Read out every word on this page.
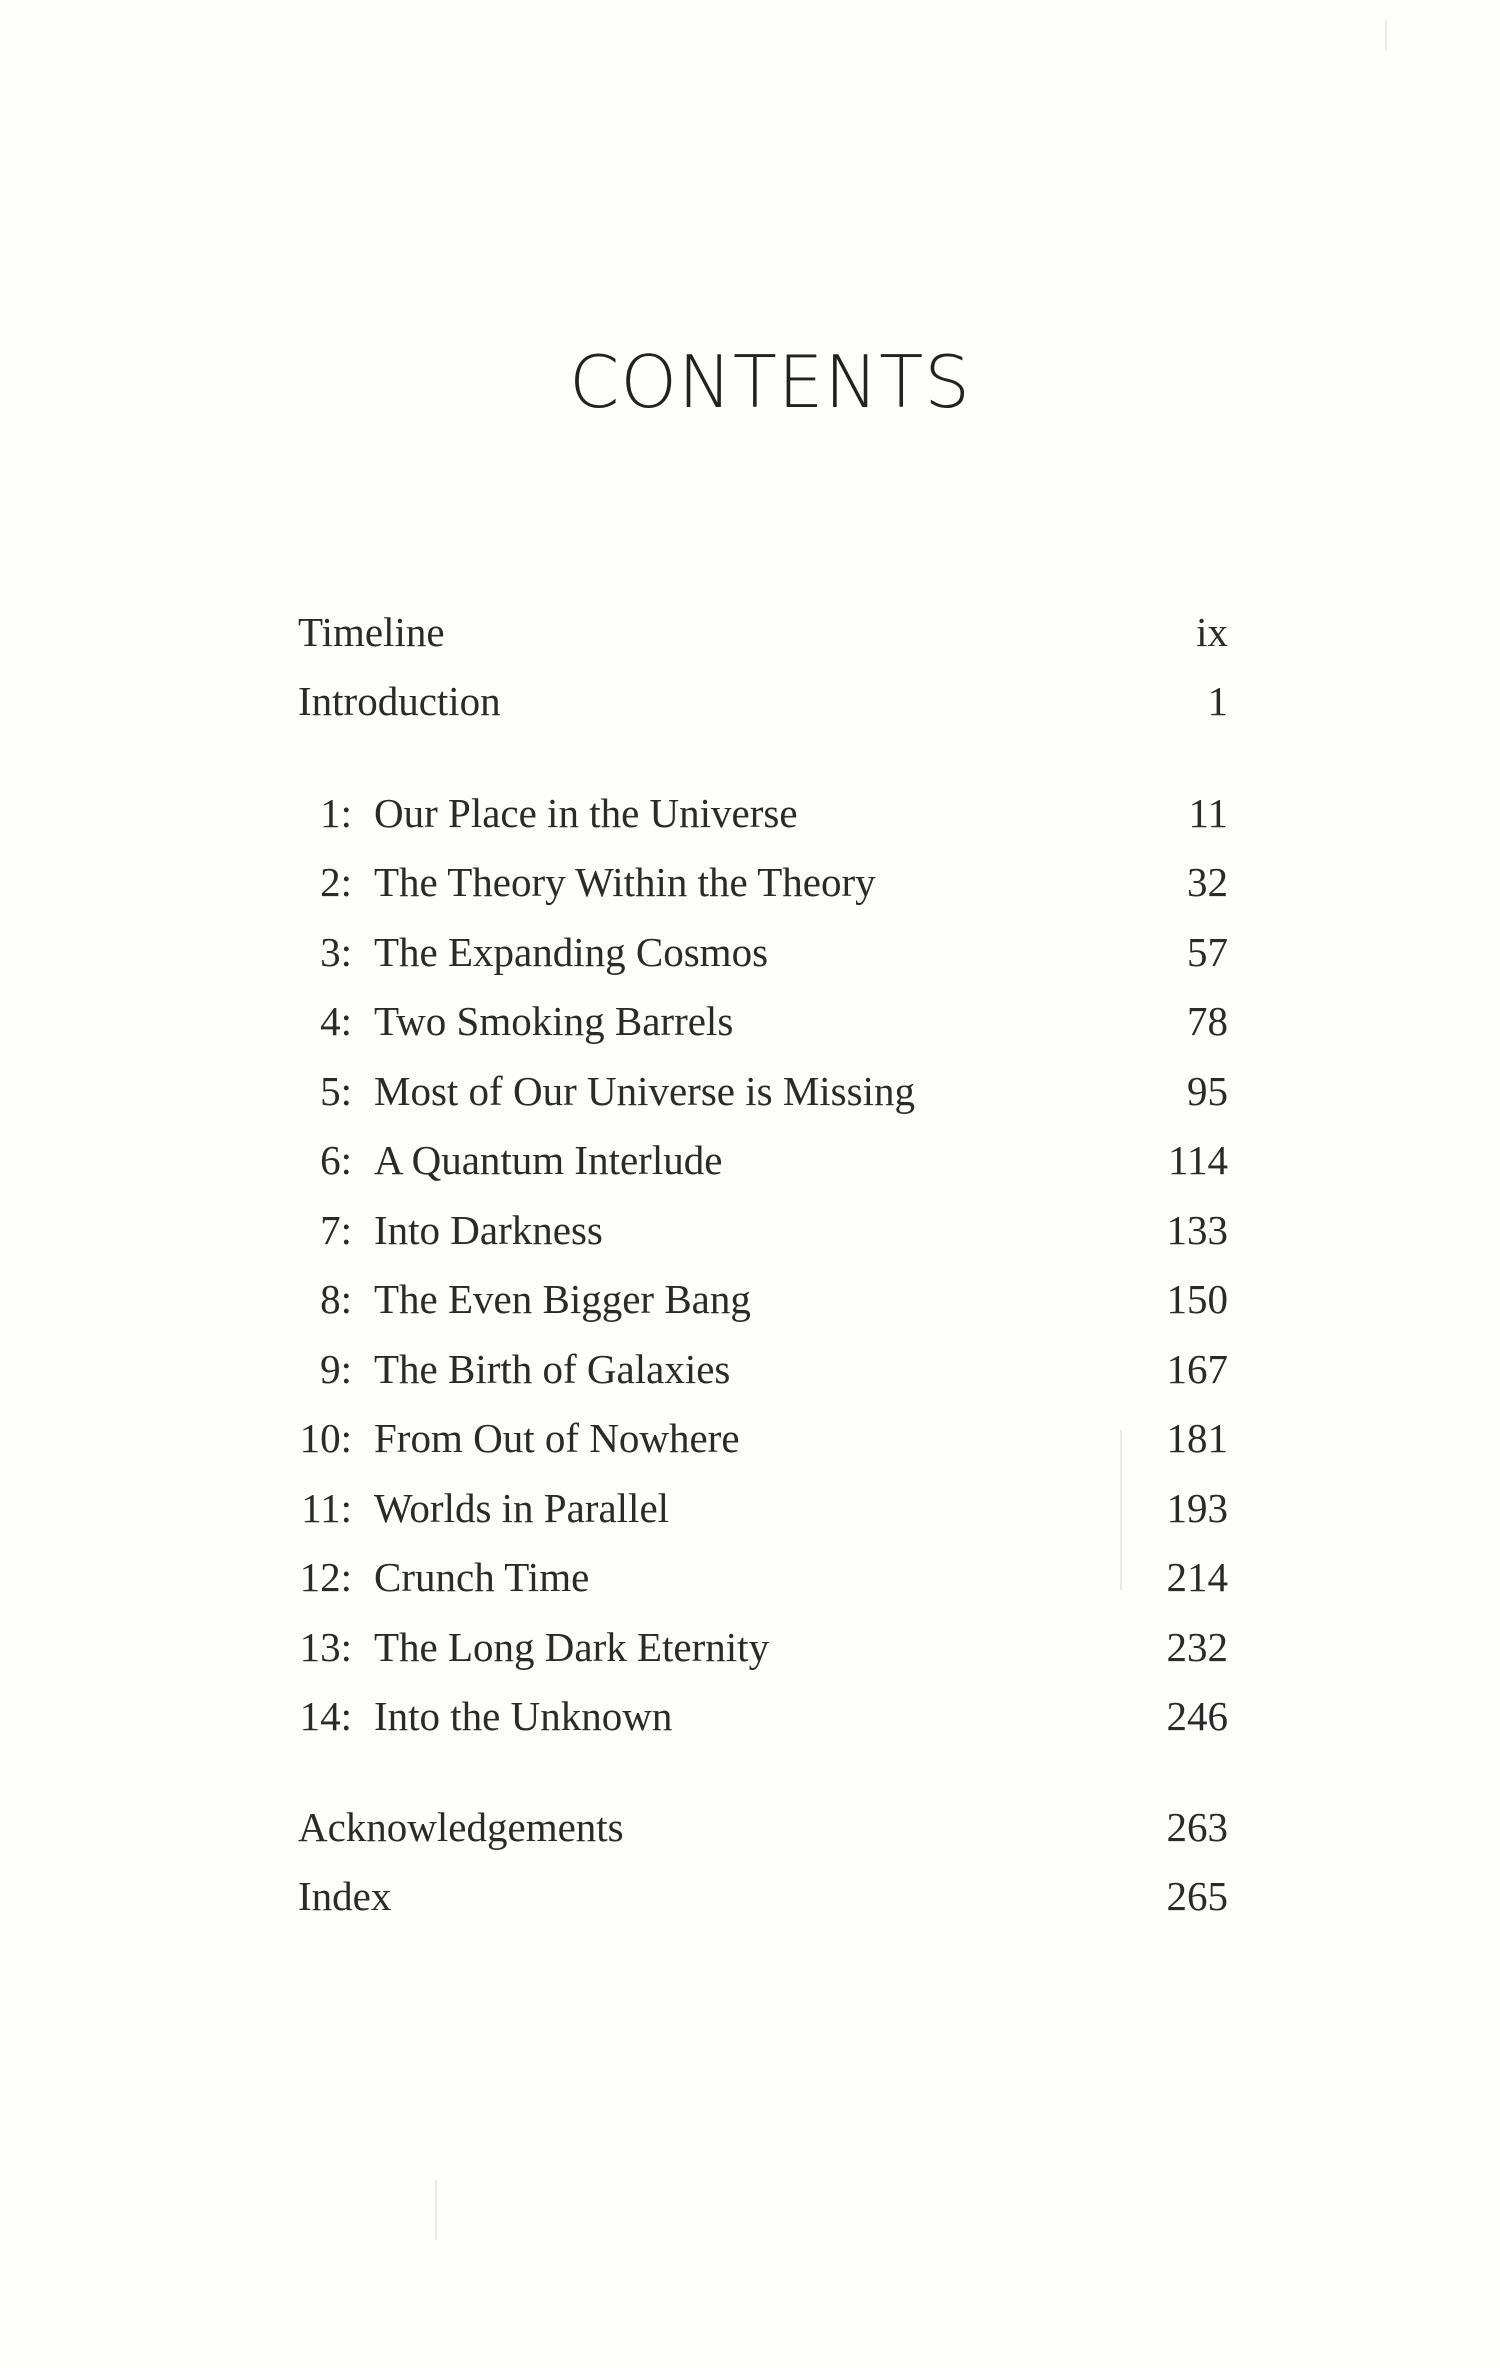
CONTENTS
Timeline	ix
Introduction	1
1: Our Place in the Universe	11
2: The Theory Within the Theory	32
3: The Expanding Cosmos	57
4: Two Smoking Barrels	78
5: Most of Our Universe is Missing	95
6: A Quantum Interlude	114
7: Into Darkness	133
8: The Even Bigger Bang	150
9: The Birth of Galaxies	167
10: From Out of Nowhere	181
11: Worlds in Parallel	193
12: Crunch Time	214
13: The Long Dark Eternity	232
14: Into the Unknown	246
Acknowledgements	263
Index	265
